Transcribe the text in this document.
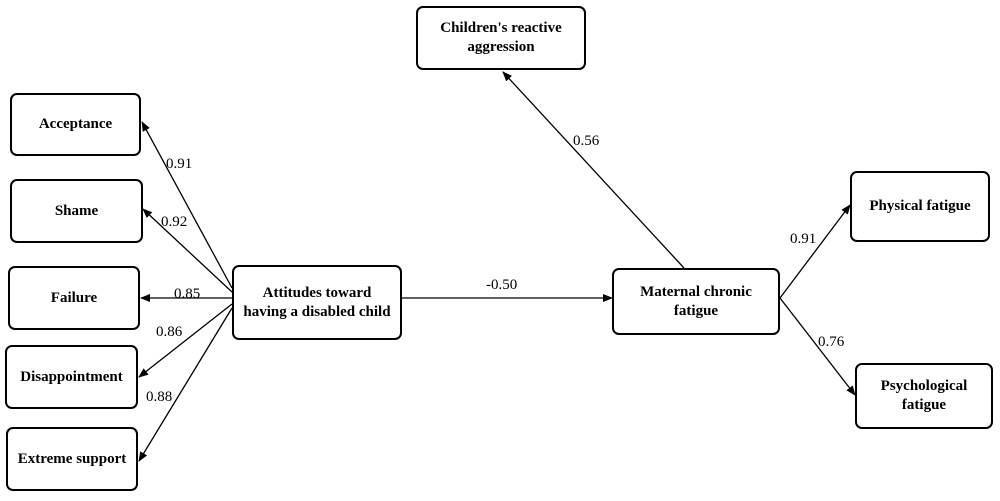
Children's reactive aggression
Acceptance
Shame
Failure
Disappointment
Extreme support
Attitudes toward having a disabled child
Maternal chronic fatigue
Physical fatigue
Psychological fatigue
0.91
0.92
0.85
0.86
0.88
-0.50
0.56
0.91
0.76
